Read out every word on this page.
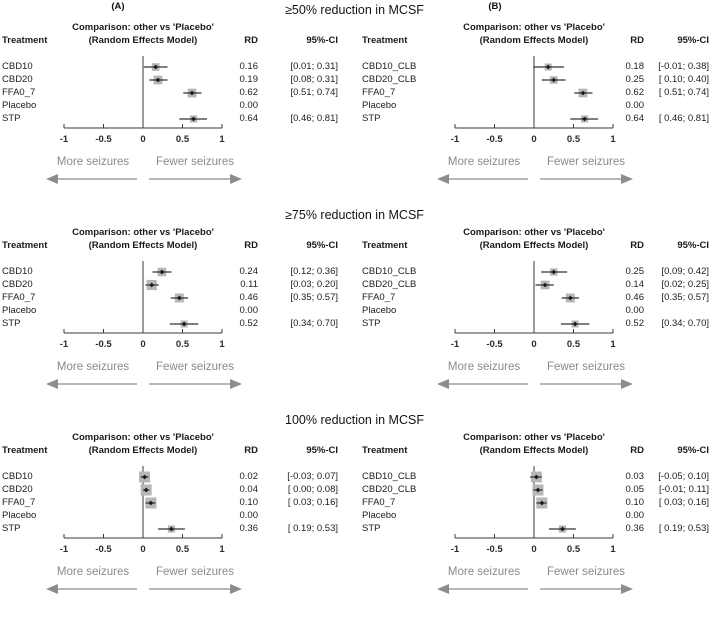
(A)	(B)
≥50% reduction in MCSF
Comparison: other vs 'Placebo'
Treatment	(Random Effects Model)	RD	95%-CI
-1	-0.5	0	0.5	1
CBD10	0.16	[0.01; 0.31]
CBD20	0.19	[0.08; 0.31]
FFA0_7	0.62	[0.51; 0.74]
Placebo	0.00
STP	0.64	[0.46; 0.81]
More seizures	Fewer seizures
Comparison: other vs 'Placebo'
Treatment	(Random Effects Model)	RD	95%-CI
-1	-0.5	0	0.5	1
CBD10_CLB	0.18	[-0.01; 0.38]
CBD20_CLB	0.25	[ 0.10; 0.40]
FFA0_7	0.62	[ 0.51; 0.74]
Placebo	0.00
STP	0.64	[ 0.46; 0.81]
More seizures	Fewer seizures
≥75% reduction in MCSF
Comparison: other vs 'Placebo'
Treatment	(Random Effects Model)	RD	95%-CI
-1	-0.5	0	0.5	1
CBD10	0.24	[0.12; 0.36]
CBD20	0.11	[0.03; 0.20]
FFA0_7	0.46	[0.35; 0.57]
Placebo	0.00
STP	0.52	[0.34; 0.70]
More seizures	Fewer seizures
Comparison: other vs 'Placebo'
Treatment	(Random Effects Model)	RD	95%-CI
-1	-0.5	0	0.5	1
CBD10_CLB	0.25	[0.09; 0.42]
CBD20_CLB	0.14	[0.02; 0.25]
FFA0_7	0.46	[0.35; 0.57]
Placebo	0.00
STP	0.52	[0.34; 0.70]
More seizures	Fewer seizures
100% reduction in MCSF
Comparison: other vs 'Placebo'
Treatment	(Random Effects Model)	RD	95%-CI
-1	-0.5	0	0.5	1
CBD10	0.02	[-0.03; 0.07]
CBD20	0.04	[ 0.00; 0.08]
FFA0_7	0.10	[ 0.03; 0.16]
Placebo	0.00
STP	0.36	[ 0.19; 0.53]
More seizures	Fewer seizures
Comparison: other vs 'Placebo'
Treatment	(Random Effects Model)	RD	95%-CI
-1	-0.5	0	0.5	1
CBD10_CLB	0.03	[-0.05; 0.10]
CBD20_CLB	0.05	[-0.01; 0.11]
FFA0_7	0.10	[ 0.03; 0.16]
Placebo	0.00
STP	0.36	[ 0.19; 0.53]
More seizures	Fewer seizures
